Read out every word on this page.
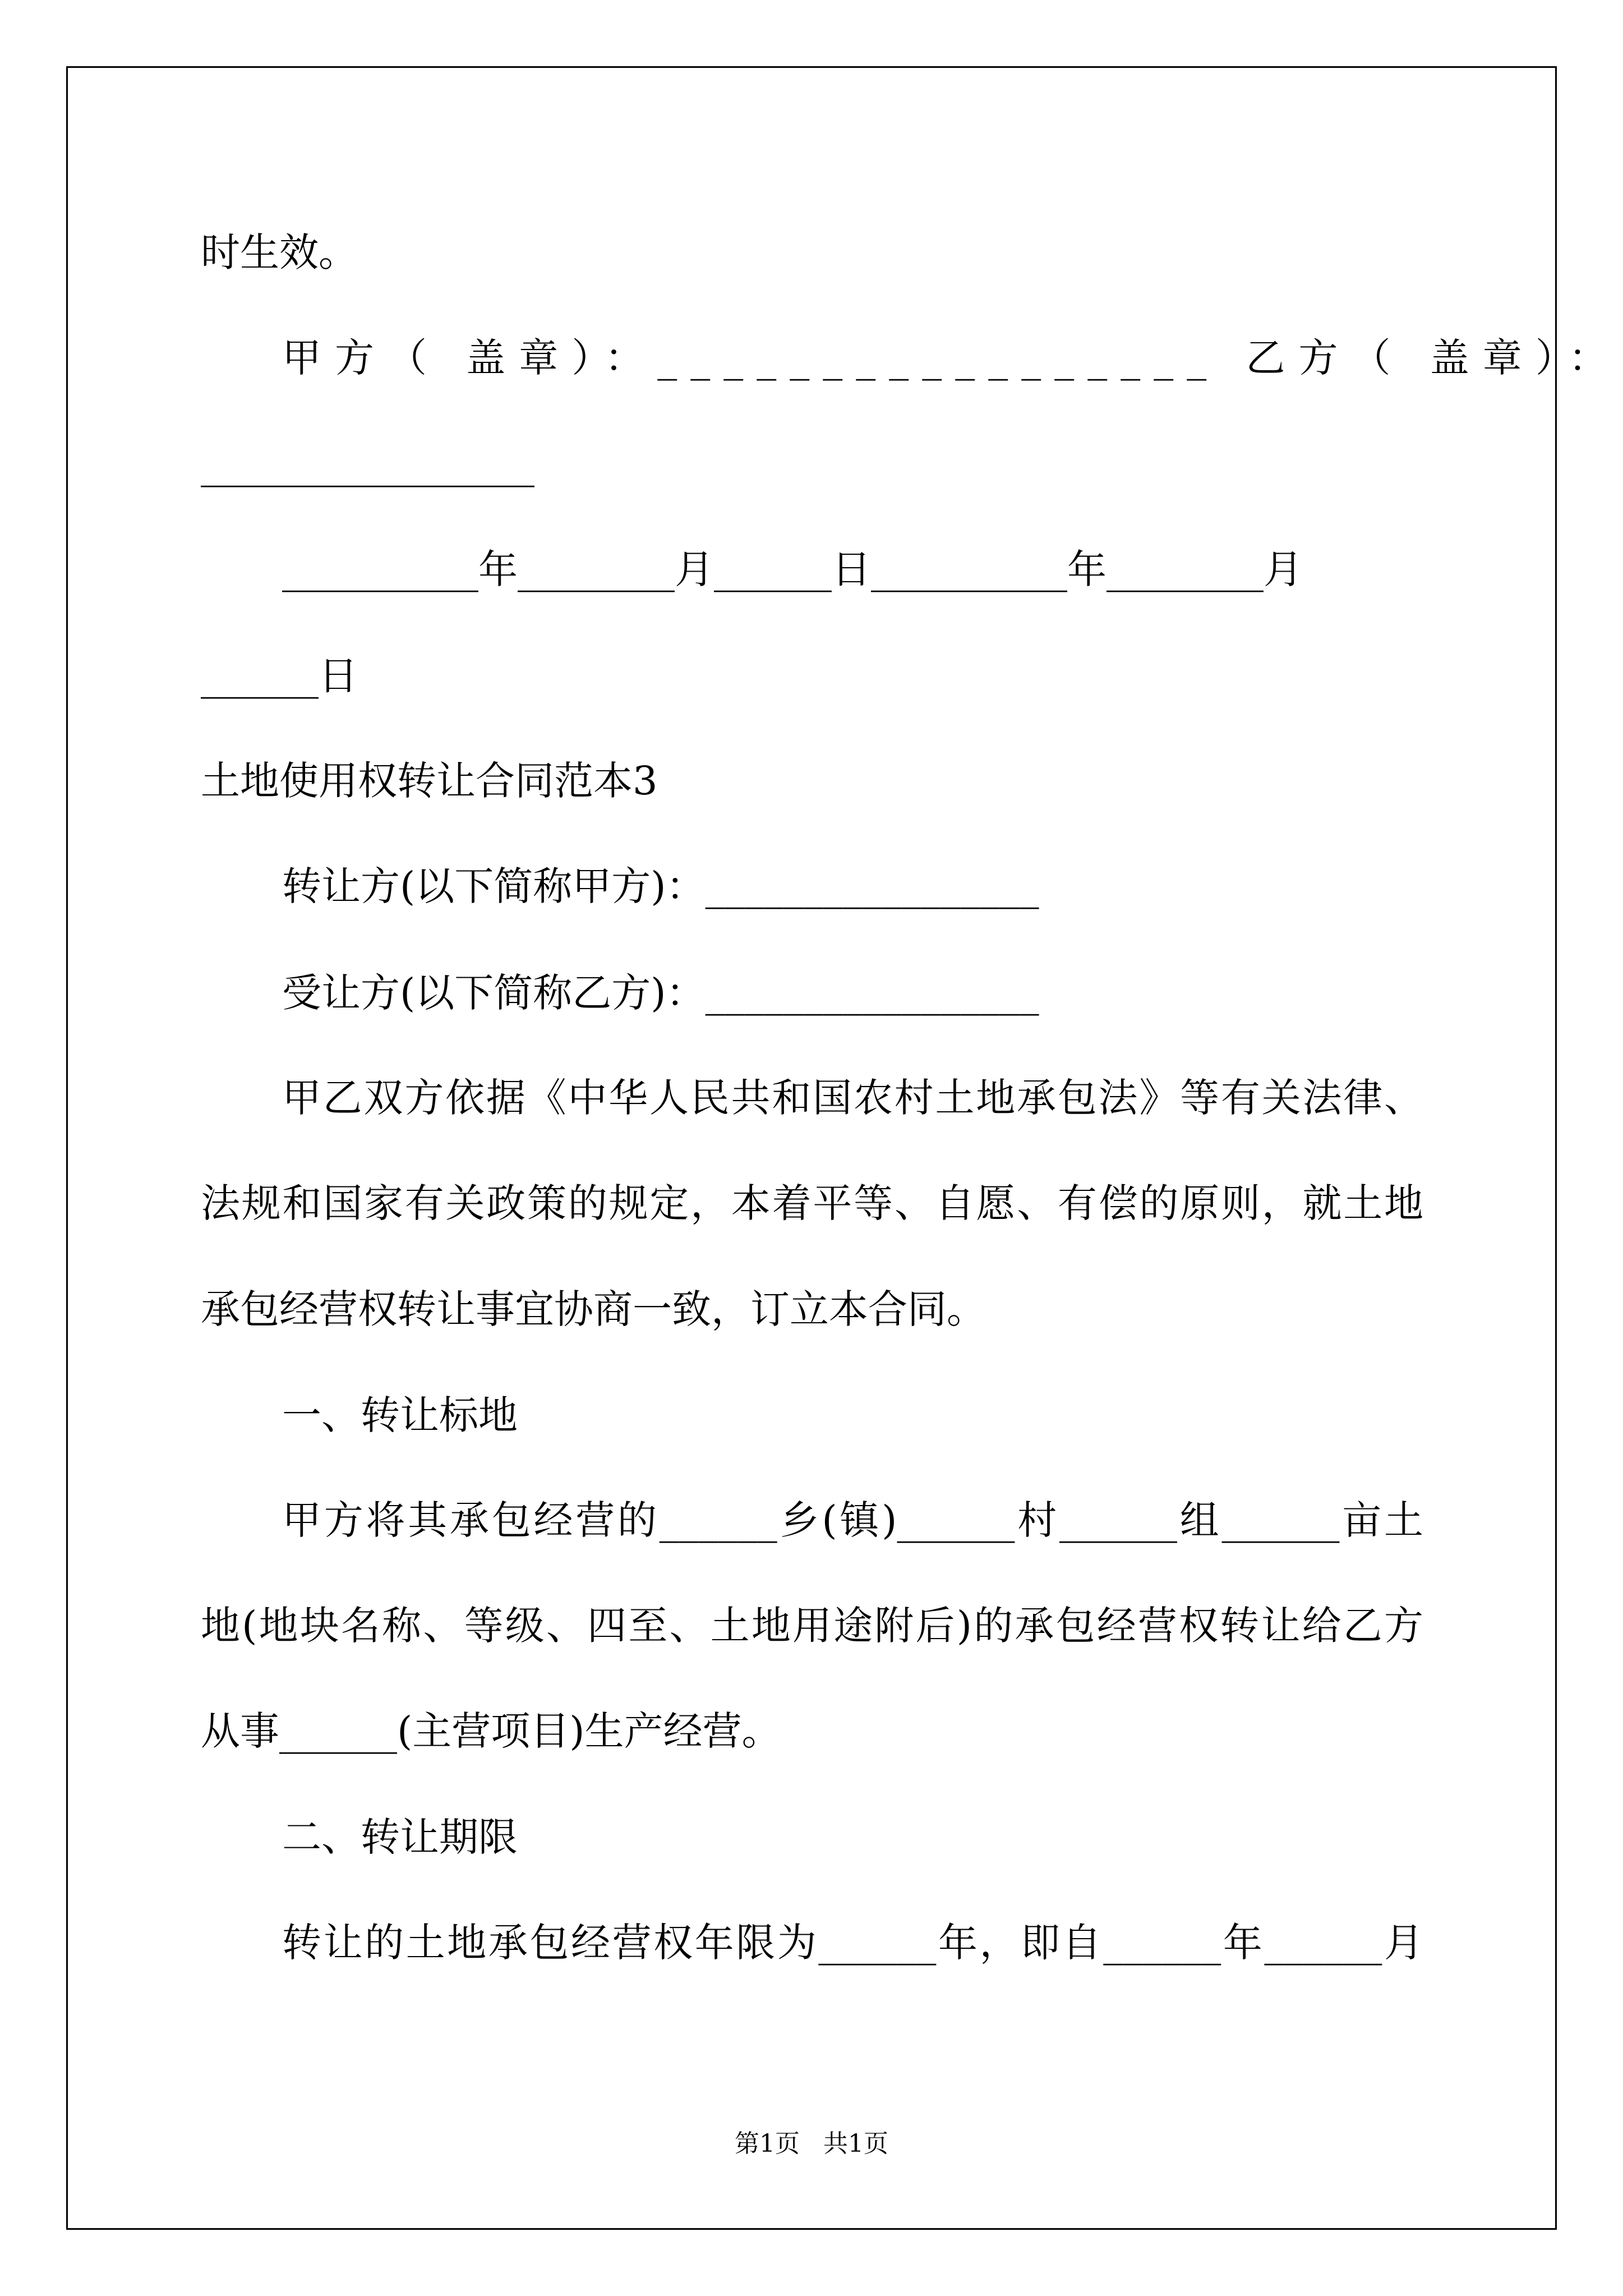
时生效。
甲方（ 盖章）：_________________ 乙方（ 盖章）：
_________________
__________年________月______日__________年________月
______日
土地使用权转让合同范本3
转让方(以下简称甲方)：_________________
受让方(以下简称乙方)：_________________
甲乙双方依据《中华人民共和国农村土地承包法》等有关法律、
法规和国家有关政策的规定，本着平等、自愿、有偿的原则，就土地
承包经营权转让事宜协商一致，订立本合同。
一、转让标地
甲方将其承包经营的______乡(镇)______村______组______亩土
地(地块名称、等级、四至、土地用途附后)的承包经营权转让给乙方
从事______(主营项目)生产经营。
二、转让期限
转让的土地承包经营权年限为______年，即自______年______月
第1页   共1页
